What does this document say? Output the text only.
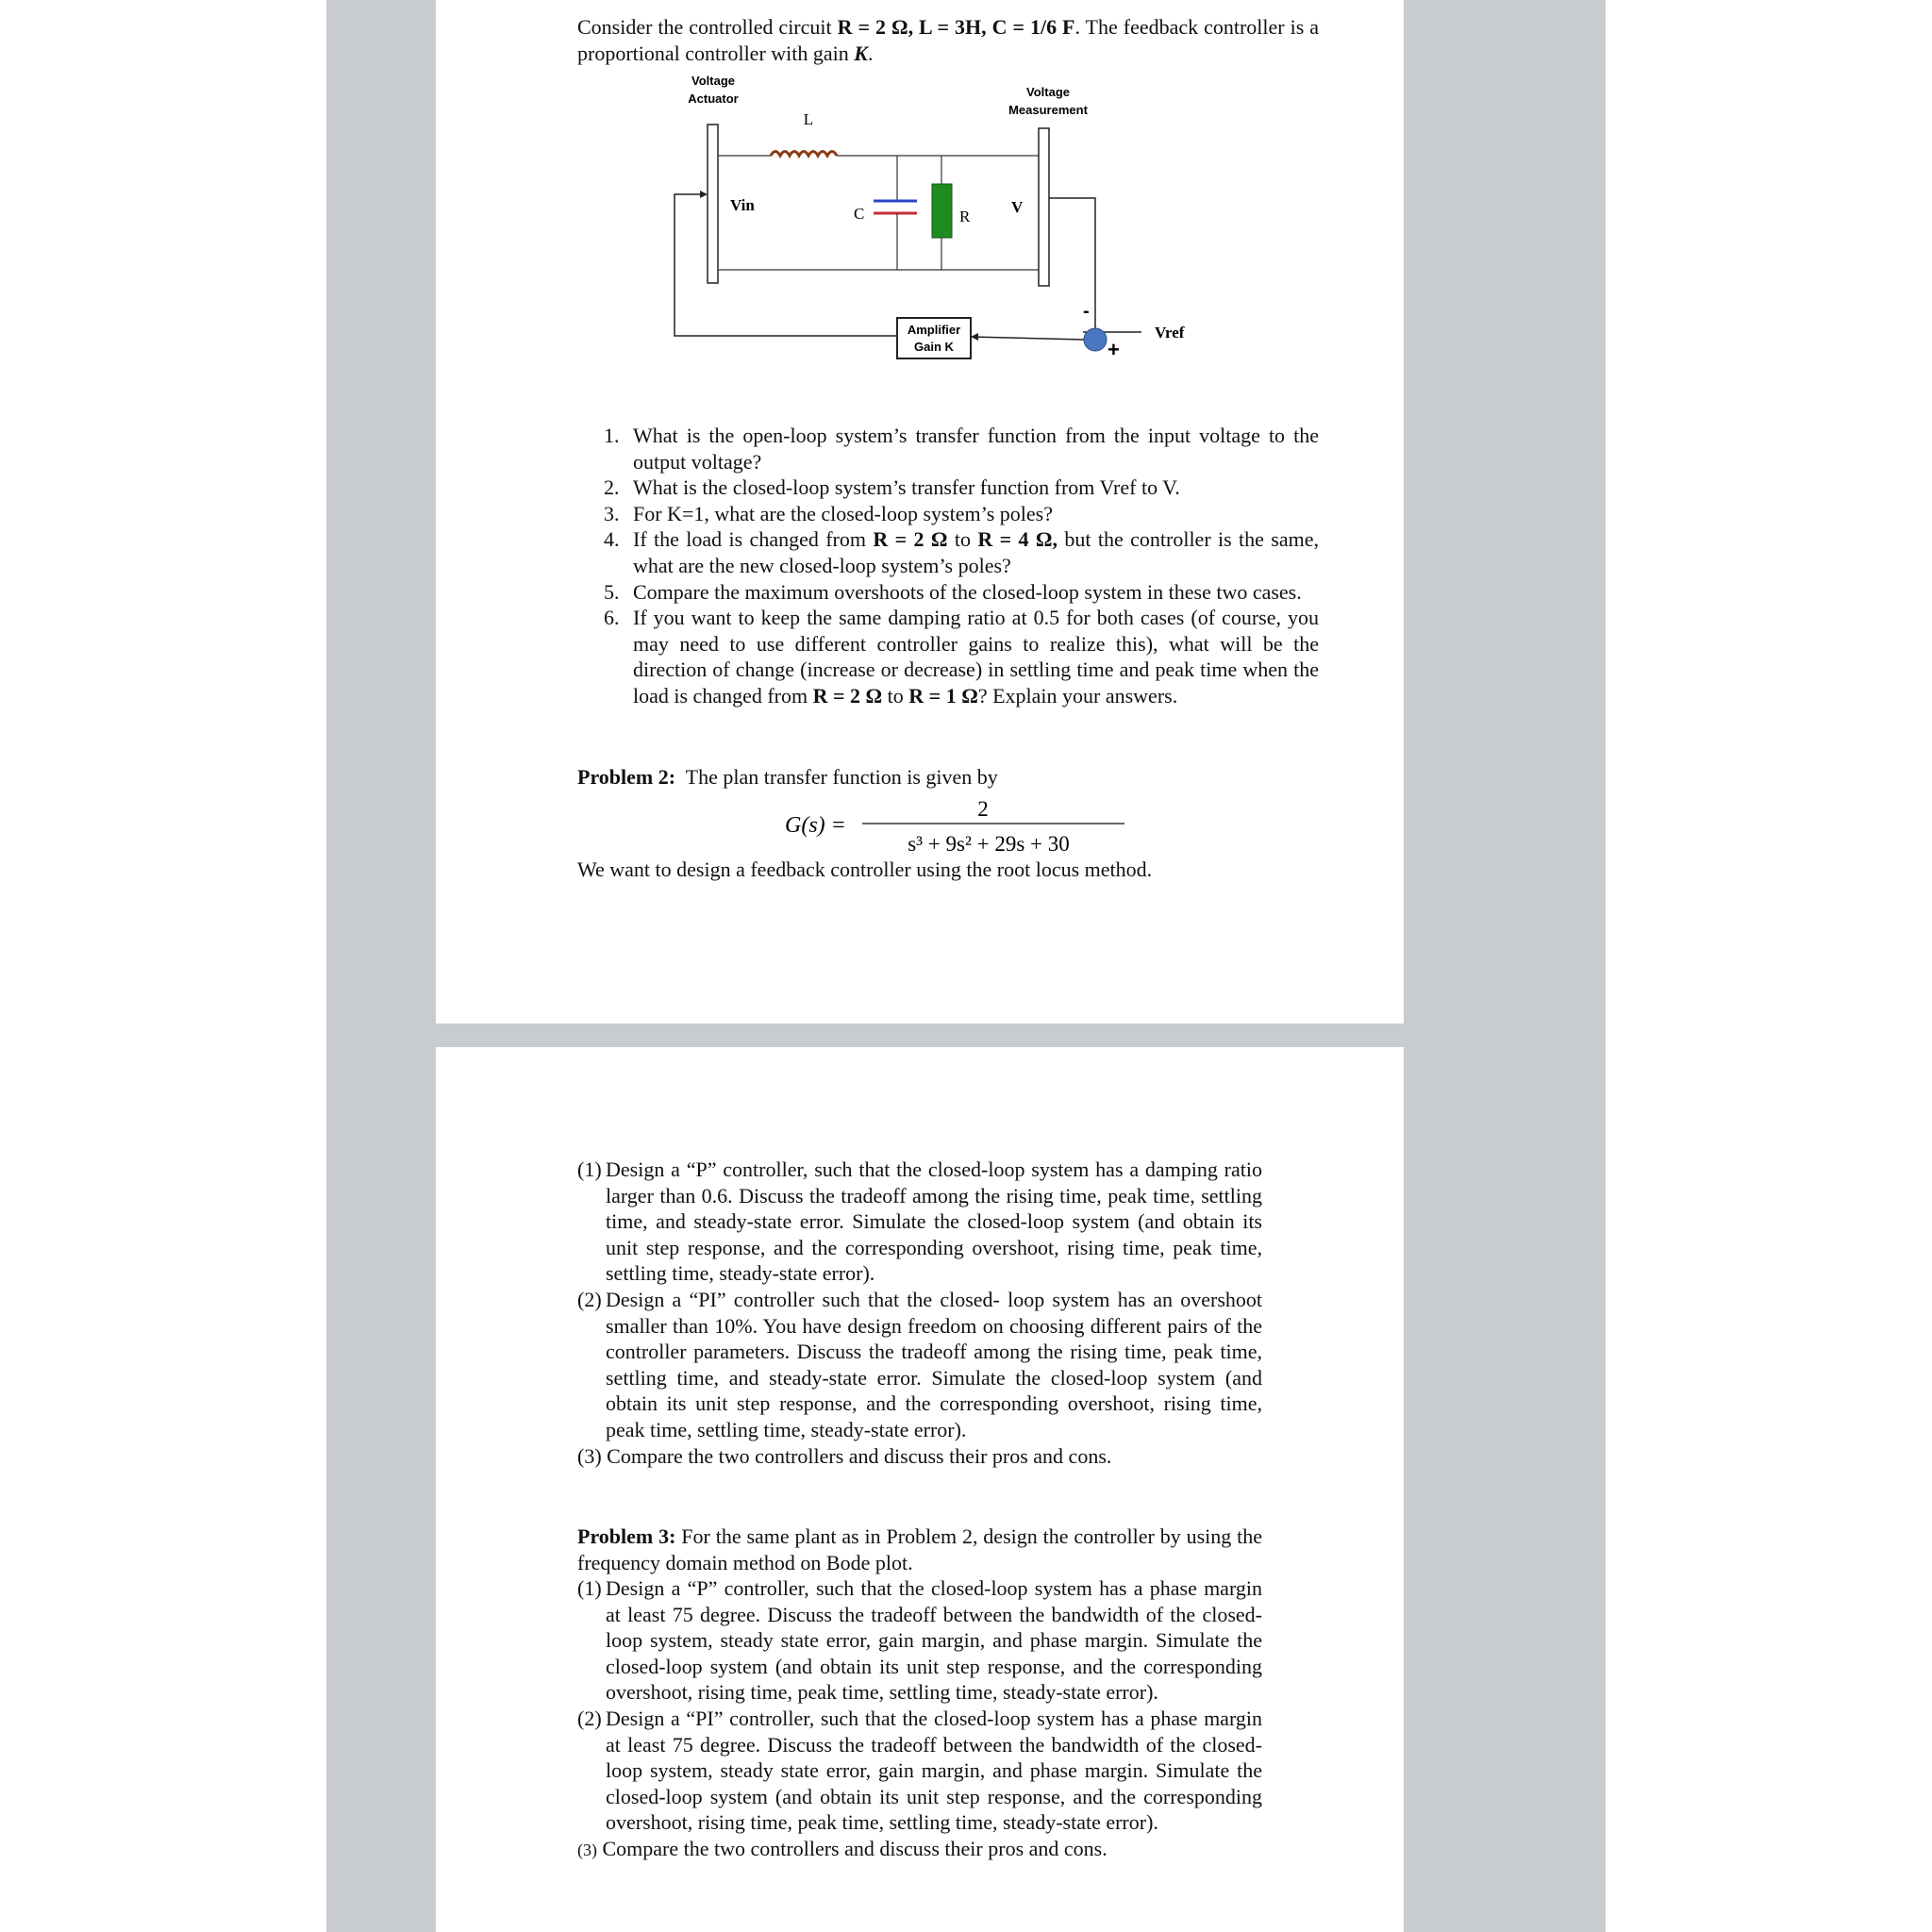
Consider the controlled circuit R = 2 Ω, L = 3H, C = 1/6 F. The feedback controller is a proportional controller with gain K.
Voltage
Actuator	Voltage
Measurement
L
C	R
V
Vin
-
+
Vref
Amplifier
Gain K
1. What is the open-loop system’s transfer function from the input voltage to the output voltage?
2. What is the closed-loop system’s transfer function from Vref to V.
3. For K=1, what are the closed-loop system’s poles?
4. If the load is changed from R = 2 Ω to R = 4 Ω, but the controller is the same, what are the new closed-loop system’s poles?
5. Compare the maximum overshoots of the closed-loop system in these two cases.
6. If you want to keep the same damping ratio at 0.5 for both cases (of course, you may need to use different controller gains to realize this), what will be the direction of change (increase or decrease) in settling time and peak time when the load is changed from R = 2 Ω to R = 1 Ω? Explain your answers.
Problem 2:  The plan transfer function is given by
G(s) =
2
s³ + 9s² + 29s + 30
We want to design a feedback controller using the root locus method.
(1) Design a “P” controller, such that the closed-loop system has a damping ratio larger than 0.6. Discuss the tradeoff among the rising time, peak time, settling time, and steady-state error. Simulate the closed-loop system (and obtain its unit step response, and the corresponding overshoot, rising time, peak time, settling time, steady-state error).
(2) Design a “PI” controller such that the closed- loop system has an overshoot smaller than 10%. You have design freedom on choosing different pairs of the controller parameters. Discuss the tradeoff among the rising time, peak time, settling time, and steady-state error. Simulate the closed-loop system (and obtain its unit step response, and the corresponding overshoot, rising time, peak time, settling time, steady-state error).
(3) Compare the two controllers and discuss their pros and cons.
Problem 3: For the same plant as in Problem 2, design the controller by using the frequency domain method on Bode plot.
(1) Design a “P” controller, such that the closed-loop system has a phase margin at least 75 degree. Discuss the tradeoff between the bandwidth of the closed-loop system, steady state error, gain margin, and phase margin. Simulate the closed-loop system (and obtain its unit step response, and the corresponding overshoot, rising time, peak time, settling time, steady-state error).
(2) Design a “PI” controller, such that the closed-loop system has a phase margin at least 75 degree. Discuss the tradeoff between the bandwidth of the closed-loop system, steady state error, gain margin, and phase margin. Simulate the closed-loop system (and obtain its unit step response, and the corresponding overshoot, rising time, peak time, settling time, steady-state error).
(3) Compare the two controllers and discuss their pros and cons.
